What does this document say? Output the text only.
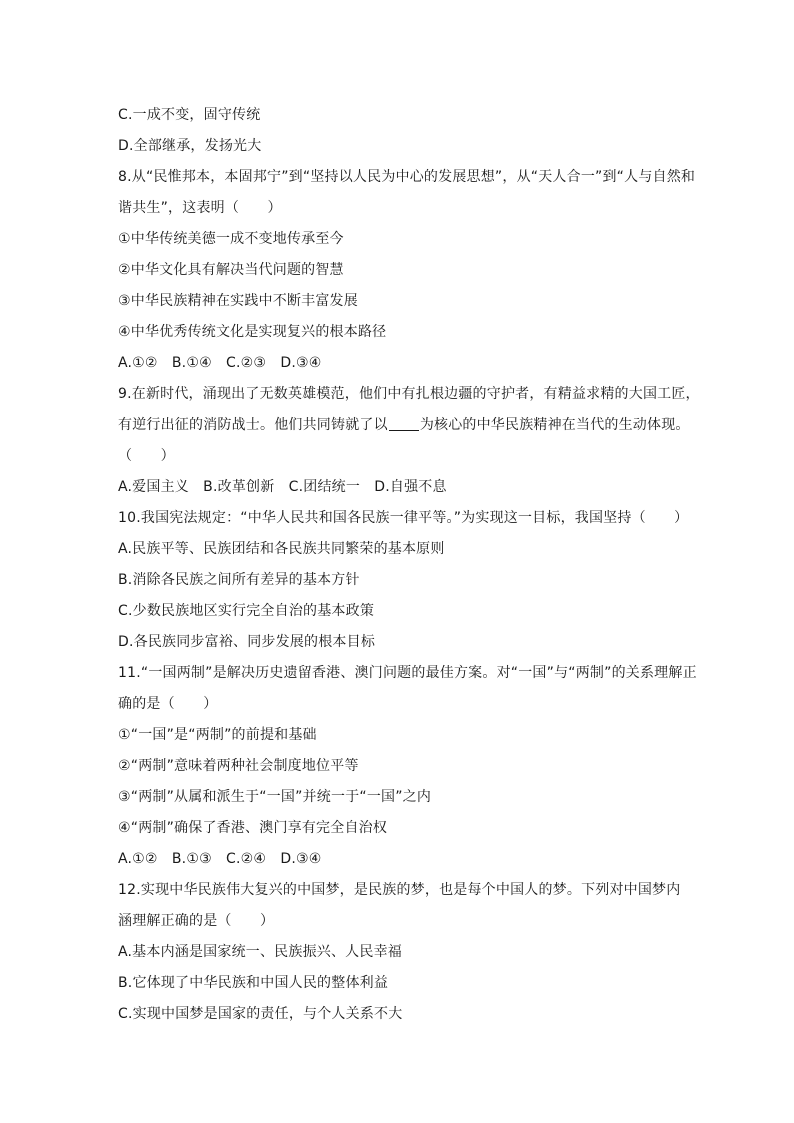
C.一成不变，固守传统
D.全部继承，发扬光大
8.从“民惟邦本，本固邦宁”到“坚持以人民为中心的发展思想”，从“天人合一”到“人与自然和
谐共生”，这表明（　　）
①中华传统美德一成不变地传承至今
②中华文化具有解决当代问题的智慧
③中华民族精神在实践中不断丰富发展
④中华优秀传统文化是实现复兴的根本路径
A.①②　B.①④　C.②③　D.③④
9.在新时代，涌现出了无数英雄模范，他们中有扎根边疆的守护者，有精益求精的大国工匠，
有逆行出征的消防战士。他们共同铸就了以 为核心的中华民族精神在当代的生动体现。
（　　）
A.爱国主义　B.改革创新　C.团结统一　D.自强不息
10.我国宪法规定：“中华人民共和国各民族一律平等。”为实现这一目标，我国坚持（　　）
A.民族平等、民族团结和各民族共同繁荣的基本原则
B.消除各民族之间所有差异的基本方针
C.少数民族地区实行完全自治的基本政策
D.各民族同步富裕、同步发展的根本目标
11.“一国两制”是解决历史遗留香港、澳门问题的最佳方案。对“一国”与“两制”的关系理解正
确的是（　　）
①“一国”是“两制”的前提和基础
②“两制”意味着两种社会制度地位平等
③“两制”从属和派生于“一国”并统一于“一国”之内
④“两制”确保了香港、澳门享有完全自治权
A.①②　B.①③　C.②④　D.③④
12.实现中华民族伟大复兴的中国梦，是民族的梦，也是每个中国人的梦。下列对中国梦内
涵理解正确的是（　　）
A.基本内涵是国家统一、民族振兴、人民幸福
B.它体现了中华民族和中国人民的整体利益
C.实现中国梦是国家的责任，与个人关系不大
